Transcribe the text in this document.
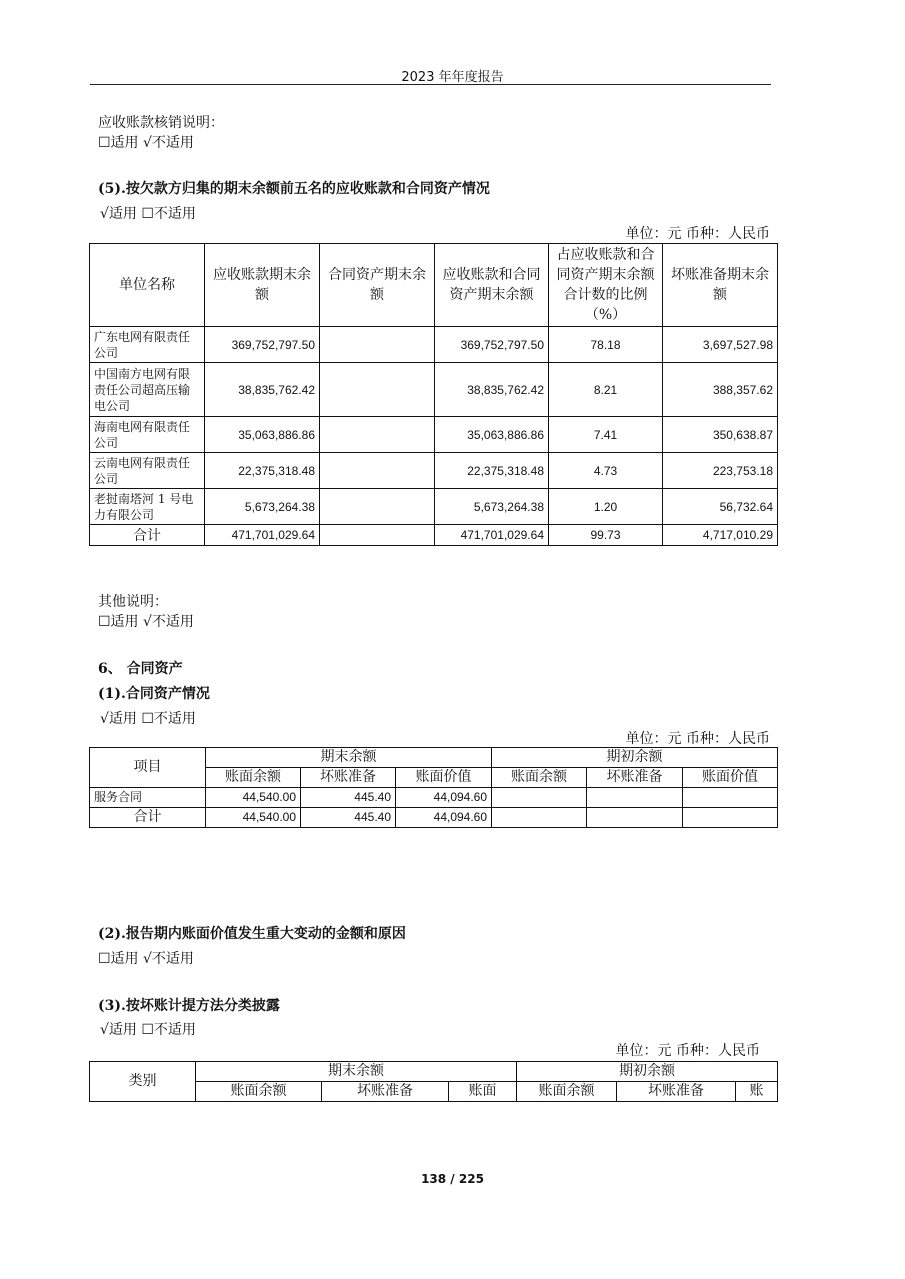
2023 年年度报告
应收账款核销说明：
☐适用 √不适用
(5).按欠款方归集的期末余额前五名的应收账款和合同资产情况
√适用 ☐不适用
单位：元 币种：人民币
单位名称	应收账款期末余额	合同资产期末余额	应收账款和合同资产期末余额	占应收账款和合同资产期末余额合计数的比例（%）	坏账准备期末余额
广东电网有限责任公司	369,752,797.50		369,752,797.50	78.18	3,697,527.98
中国南方电网有限责任公司超高压输电公司	38,835,762.42		38,835,762.42	8.21	388,357.62
海南电网有限责任公司	35,063,886.86		35,063,886.86	7.41	350,638.87
云南电网有限责任公司	22,375,318.48		22,375,318.48	4.73	223,753.18
老挝南塔河 1 号电力有限公司	5,673,264.38		5,673,264.38	1.20	56,732.64
合计	471,701,029.64		471,701,029.64	99.73	4,717,010.29
其他说明：
☐适用 √不适用
6、 合同资产
(1).合同资产情况
√适用 ☐不适用
单位：元 币种：人民币
项目	期末余额			期初余额		
	账面余额	坏账准备	账面价值	账面余额	坏账准备	账面价值
服务合同	44,540.00	445.40	44,094.60			
合计	44,540.00	445.40	44,094.60			
(2).报告期内账面价值发生重大变动的金额和原因
☐适用 √不适用
(3).按坏账计提方法分类披露
√适用 ☐不适用
单位：元 币种：人民币
类别	期末余额			期初余额		
	账面余额	坏账准备	账面	账面余额	坏账准备	账
138 / 225
